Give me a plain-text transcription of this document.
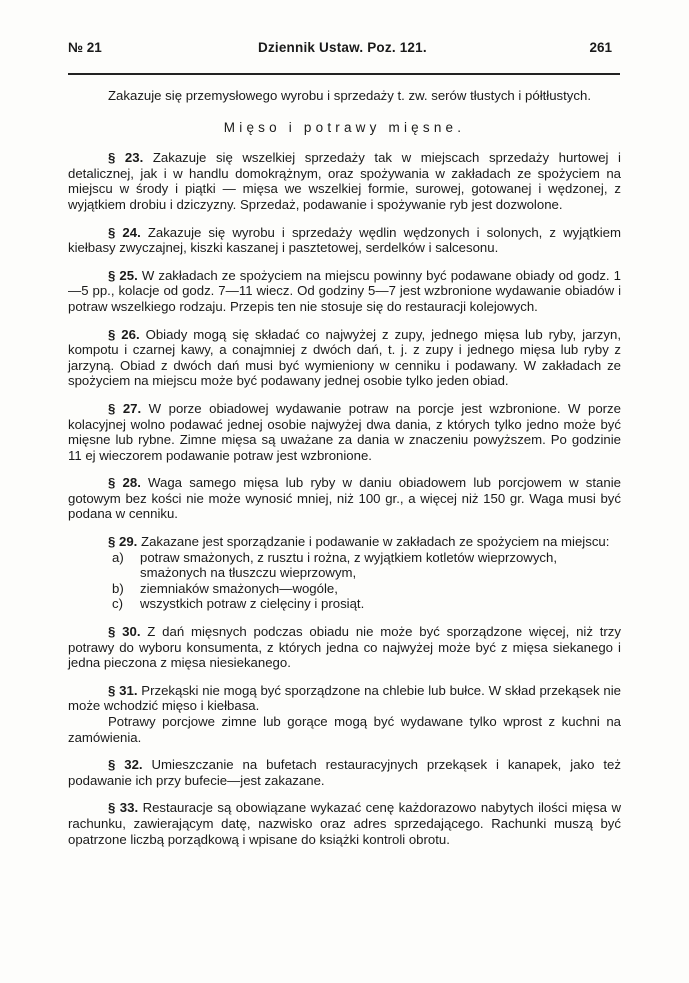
№ 21	Dziennik Ustaw. Poz. 121.	261

Zakazuje się przemysłowego wyrobu i sprzedaży t. zw. serów tłustych i półtłustych.

Mięso i potrawy mięsne.

§ 23. Zakazuje się wszelkiej sprzedaży tak w miejscach sprzedaży hurtowej i detalicznej, jak i w handlu domokrążnym, oraz spożywania w zakładach ze spożyciem na miejscu w środy i piątki — mięsa we wszelkiej formie, surowej, gotowanej i wędzonej, z wyjątkiem drobiu i dziczyzny. Sprzedaż, podawanie i spożywanie ryb jest dozwolone.

§ 24. Zakazuje się wyrobu i sprzedaży wędlin wędzonych i solonych, z wyjątkiem kiełbasy zwyczajnej, kiszki kaszanej i pasztetowej, serdelków i salcesonu.

§ 25. W zakładach ze spożyciem na miejscu powinny być podawane obiady od godz. 1—5 pp., kolacje od godz. 7—11 wiecz. Od godziny 5—7 jest wzbronione wydawanie obiadów i potraw wszelkiego rodzaju. Przepis ten nie stosuje się do restauracji kolejowych.

§ 26. Obiady mogą się składać co najwyżej z zupy, jednego mięsa lub ryby, jarzyn, kompotu i czarnej kawy, a conajmniej z dwóch dań, t. j. z zupy i jednego mięsa lub ryby z jarzyną. Obiad z dwóch dań musi być wymieniony w cenniku i podawany. W zakładach ze spożyciem na miejscu może być podawany jednej osobie tylko jeden obiad.

§ 27. W porze obiadowej wydawanie potraw na porcje jest wzbronione. W porze kolacyjnej wolno podawać jednej osobie najwyżej dwa dania, z których tylko jedno może być mięsne lub rybne. Zimne mięsa są uważane za dania w znaczeniu powyższem. Po godzinie 11 ej wieczorem podawanie potraw jest wzbronione.

§ 28. Waga samego mięsa lub ryby w daniu obiadowem lub porcjowem w stanie gotowym bez kości nie może wynosić mniej, niż 100 gr., a więcej niż 150 gr. Waga musi być podana w cenniku.

§ 29. Zakazane jest sporządzanie i podawanie w zakładach ze spożyciem na miejscu:

a) potraw smażonych, z rusztu i rożna, z wyjątkiem kotletów wieprzowych, smażonych na tłuszczu wieprzowym,
b) ziemniaków smażonych—wogóle,
c) wszystkich potraw z cielęciny i prosiąt.

§ 30. Z dań mięsnych podczas obiadu nie może być sporządzone więcej, niż trzy potrawy do wyboru konsumenta, z których jedna co najwyżej może być z mięsa siekanego i jedna pieczona z mięsa niesiekanego.

§ 31. Przekąski nie mogą być sporządzone na chlebie lub bułce. W skład przekąsek nie może wchodzić mięso i kiełbasa.

Potrawy porcjowe zimne lub gorące mogą być wydawane tylko wprost z kuchni na zamówienia.

§ 32. Umieszczanie na bufetach restauracyjnych przekąsek i kanapek, jako też podawanie ich przy bufecie—jest zakazane.

§ 33. Restauracje są obowiązane wykazać cenę każdorazowo nabytych ilości mięsa w rachunku, zawierającym datę, nazwisko oraz adres sprzedającego. Rachunki muszą być opatrzone liczbą porządkową i wpisane do książki kontroli obrotu.
